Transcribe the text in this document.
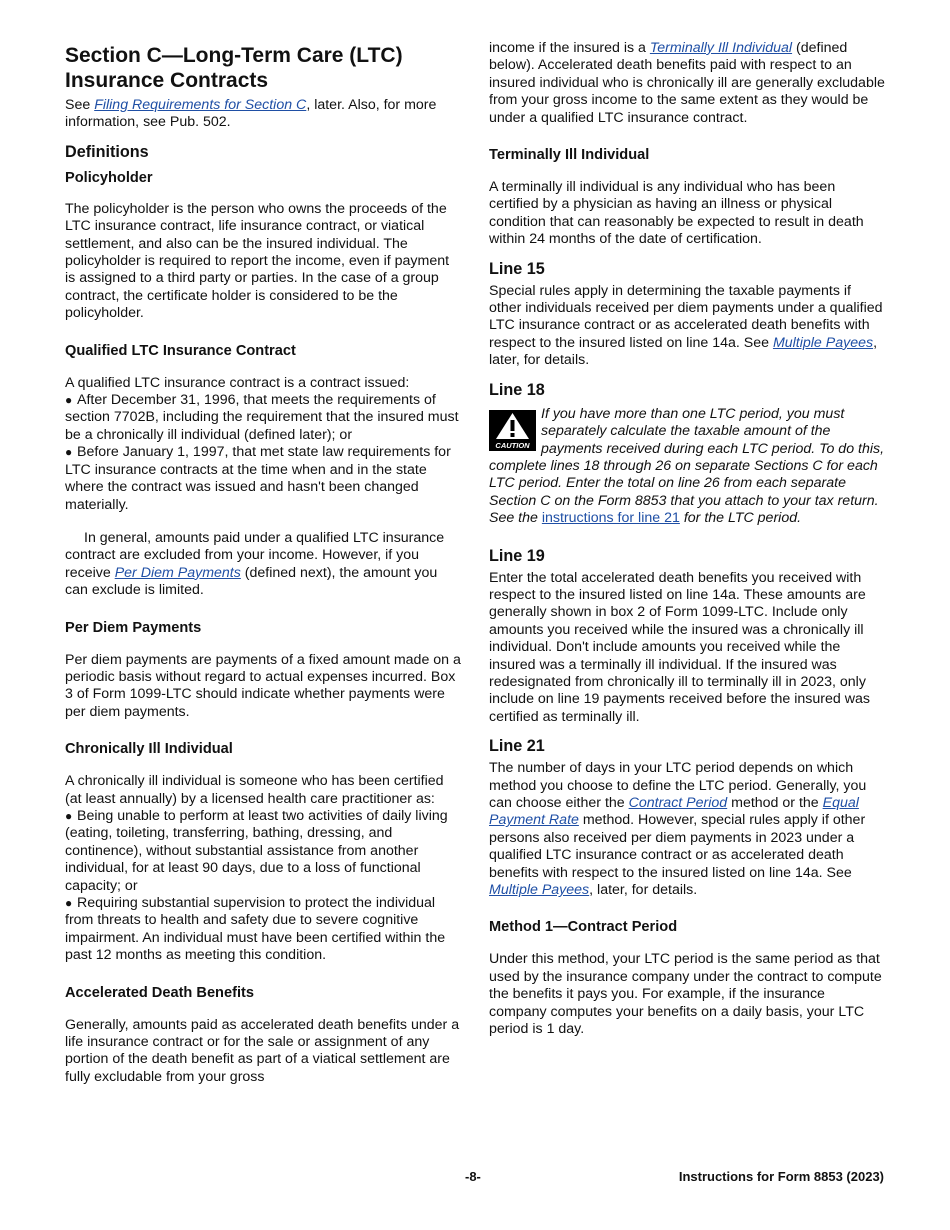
Section C—Long-Term Care (LTC) Insurance Contracts

See Filing Requirements for Section C, later. Also, for more information, see Pub. 502.

Definitions
Policyholder

The policyholder is the person who owns the proceeds of the LTC insurance contract, life insurance contract, or viatical settlement, and also can be the insured individual. The policyholder is required to report the income, even if payment is assigned to a third party or parties. In the case of a group contract, the certificate holder is considered to be the policyholder.

Qualified LTC Insurance Contract

A qualified LTC insurance contract is a contract issued:

● After December 31, 1996, that meets the requirements of section 7702B, including the requirement that the insured must be a chronically ill individual (defined later); or

● Before January 1, 1997, that met state law requirements for LTC insurance contracts at the time when and in the state where the contract was issued and hasn't been changed materially.

In general, amounts paid under a qualified LTC insurance contract are excluded from your income. However, if you receive Per Diem Payments (defined next), the amount you can exclude is limited.

Per Diem Payments

Per diem payments are payments of a fixed amount made on a periodic basis without regard to actual expenses incurred. Box 3 of Form 1099-LTC should indicate whether payments were per diem payments.

Chronically Ill Individual

A chronically ill individual is someone who has been certified (at least annually) by a licensed health care practitioner as:

● Being unable to perform at least two activities of daily living (eating, toileting, transferring, bathing, dressing, and continence), without substantial assistance from another individual, for at least 90 days, due to a loss of functional capacity; or

● Requiring substantial supervision to protect the individual from threats to health and safety due to severe cognitive impairment. An individual must have been certified within the past 12 months as meeting this condition.

Accelerated Death Benefits

Generally, amounts paid as accelerated death benefits under a life insurance contract or for the sale or assignment of any portion of the death benefit as part of a viatical settlement are fully excludable from your gross

income if the insured is a Terminally Ill Individual (defined below). Accelerated death benefits paid with respect to an insured individual who is chronically ill are generally excludable from your gross income to the same extent as they would be under a qualified LTC insurance contract.

Terminally Ill Individual

A terminally ill individual is any individual who has been certified by a physician as having an illness or physical condition that can reasonably be expected to result in death within 24 months of the date of certification.

Line 15

Special rules apply in determining the taxable payments if other individuals received per diem payments under a qualified LTC insurance contract or as accelerated death benefits with respect to the insured listed on line 14a. See Multiple Payees, later, for details.

Line 18
CAUTION
If you have more than one LTC period, you must separately calculate the taxable amount of the payments received during each LTC period. To do this, complete lines 18 through 26 on separate Sections C for each LTC period. Enter the total on line 26 from each separate Section C on the Form 8853 that you attach to your tax return. See the instructions for line 21 for the LTC period.
Line 19

Enter the total accelerated death benefits you received with respect to the insured listed on line 14a. These amounts are generally shown in box 2 of Form 1099-LTC. Include only amounts you received while the insured was a chronically ill individual. Don't include amounts you received while the insured was a terminally ill individual. If the insured was redesignated from chronically ill to terminally ill in 2023, only include on line 19 payments received before the insured was certified as terminally ill.

Line 21

The number of days in your LTC period depends on which method you choose to define the LTC period. Generally, you can choose either the Contract Period method or the Equal Payment Rate method. However, special rules apply if other persons also received per diem payments in 2023 under a qualified LTC insurance contract or as accelerated death benefits with respect to the insured listed on line 14a. See Multiple Payees, later, for details.

Method 1—Contract Period

Under this method, your LTC period is the same period as that used by the insurance company under the contract to compute the benefits it pays you. For example, if the insurance company computes your benefits on a daily basis, your LTC period is 1 day.

-8-	Instructions for Form 8853 (2023)
